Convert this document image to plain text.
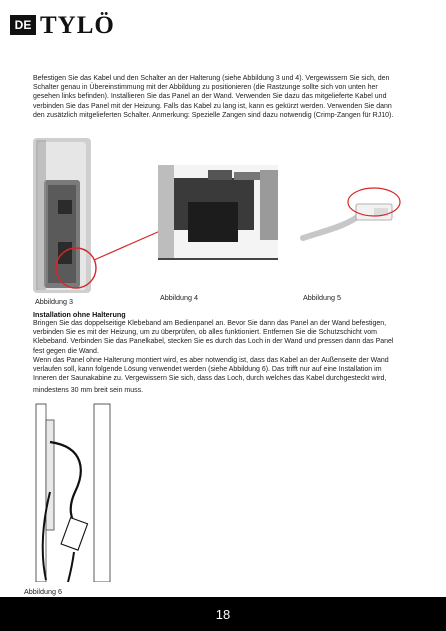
DE TYLÖ
Befestigen Sie das Kabel und den Schalter an der Halterung (siehe Abbildung 3 und 4). Vergewissern Sie sich, den
Schalter genau in Übereinstimmung mit der Abbildung zu positionieren (die Rastzunge sollte sich von unten her
gesehen links befinden). Installieren Sie das Panel an der Wand. Verwenden Sie dazu das mitgelieferte Kabel und
verbinden Sie das Panel mit der Heizung. Falls das Kabel zu lang ist, kann es gekürzt werden. Verwenden Sie dann
den zusätzlich mitgelieferten Schalter. Anmerkung: Spezielle Zangen sind dazu notwendig (Crimp-Zangen für RJ10).
Abbildung 3	Abbildung 4	Abbildung 5
Installation ohne Halterung
Bringen Sie das doppelseitige Klebeband am Bedienpanel an. Bevor Sie dann das Panel an der Wand befestigen,
verbinden Sie es mit der Heizung, um zu überprüfen, ob alles funktioniert. Entfernen Sie die Schutzschicht vom
Klebeband. Verbinden Sie das Panelkabel, stecken Sie es durch das Loch in der Wand und pressen dann das Panel
fest gegen die Wand.
Wenn das Panel ohne Halterung montiert wird, es aber notwendig ist, dass das Kabel an der Außenseite der Wand
verlaufen soll, kann folgende Lösung verwendet werden (siehe Abbildung 6). Das trifft nur auf eine Installation im
Inneren der Saunakabine zu. Vergewissern Sie sich, dass das Loch, durch welches das Kabel durchgesteckt wird,
mindestens 30 mm breit sein muss.
Abbildung 6
18
